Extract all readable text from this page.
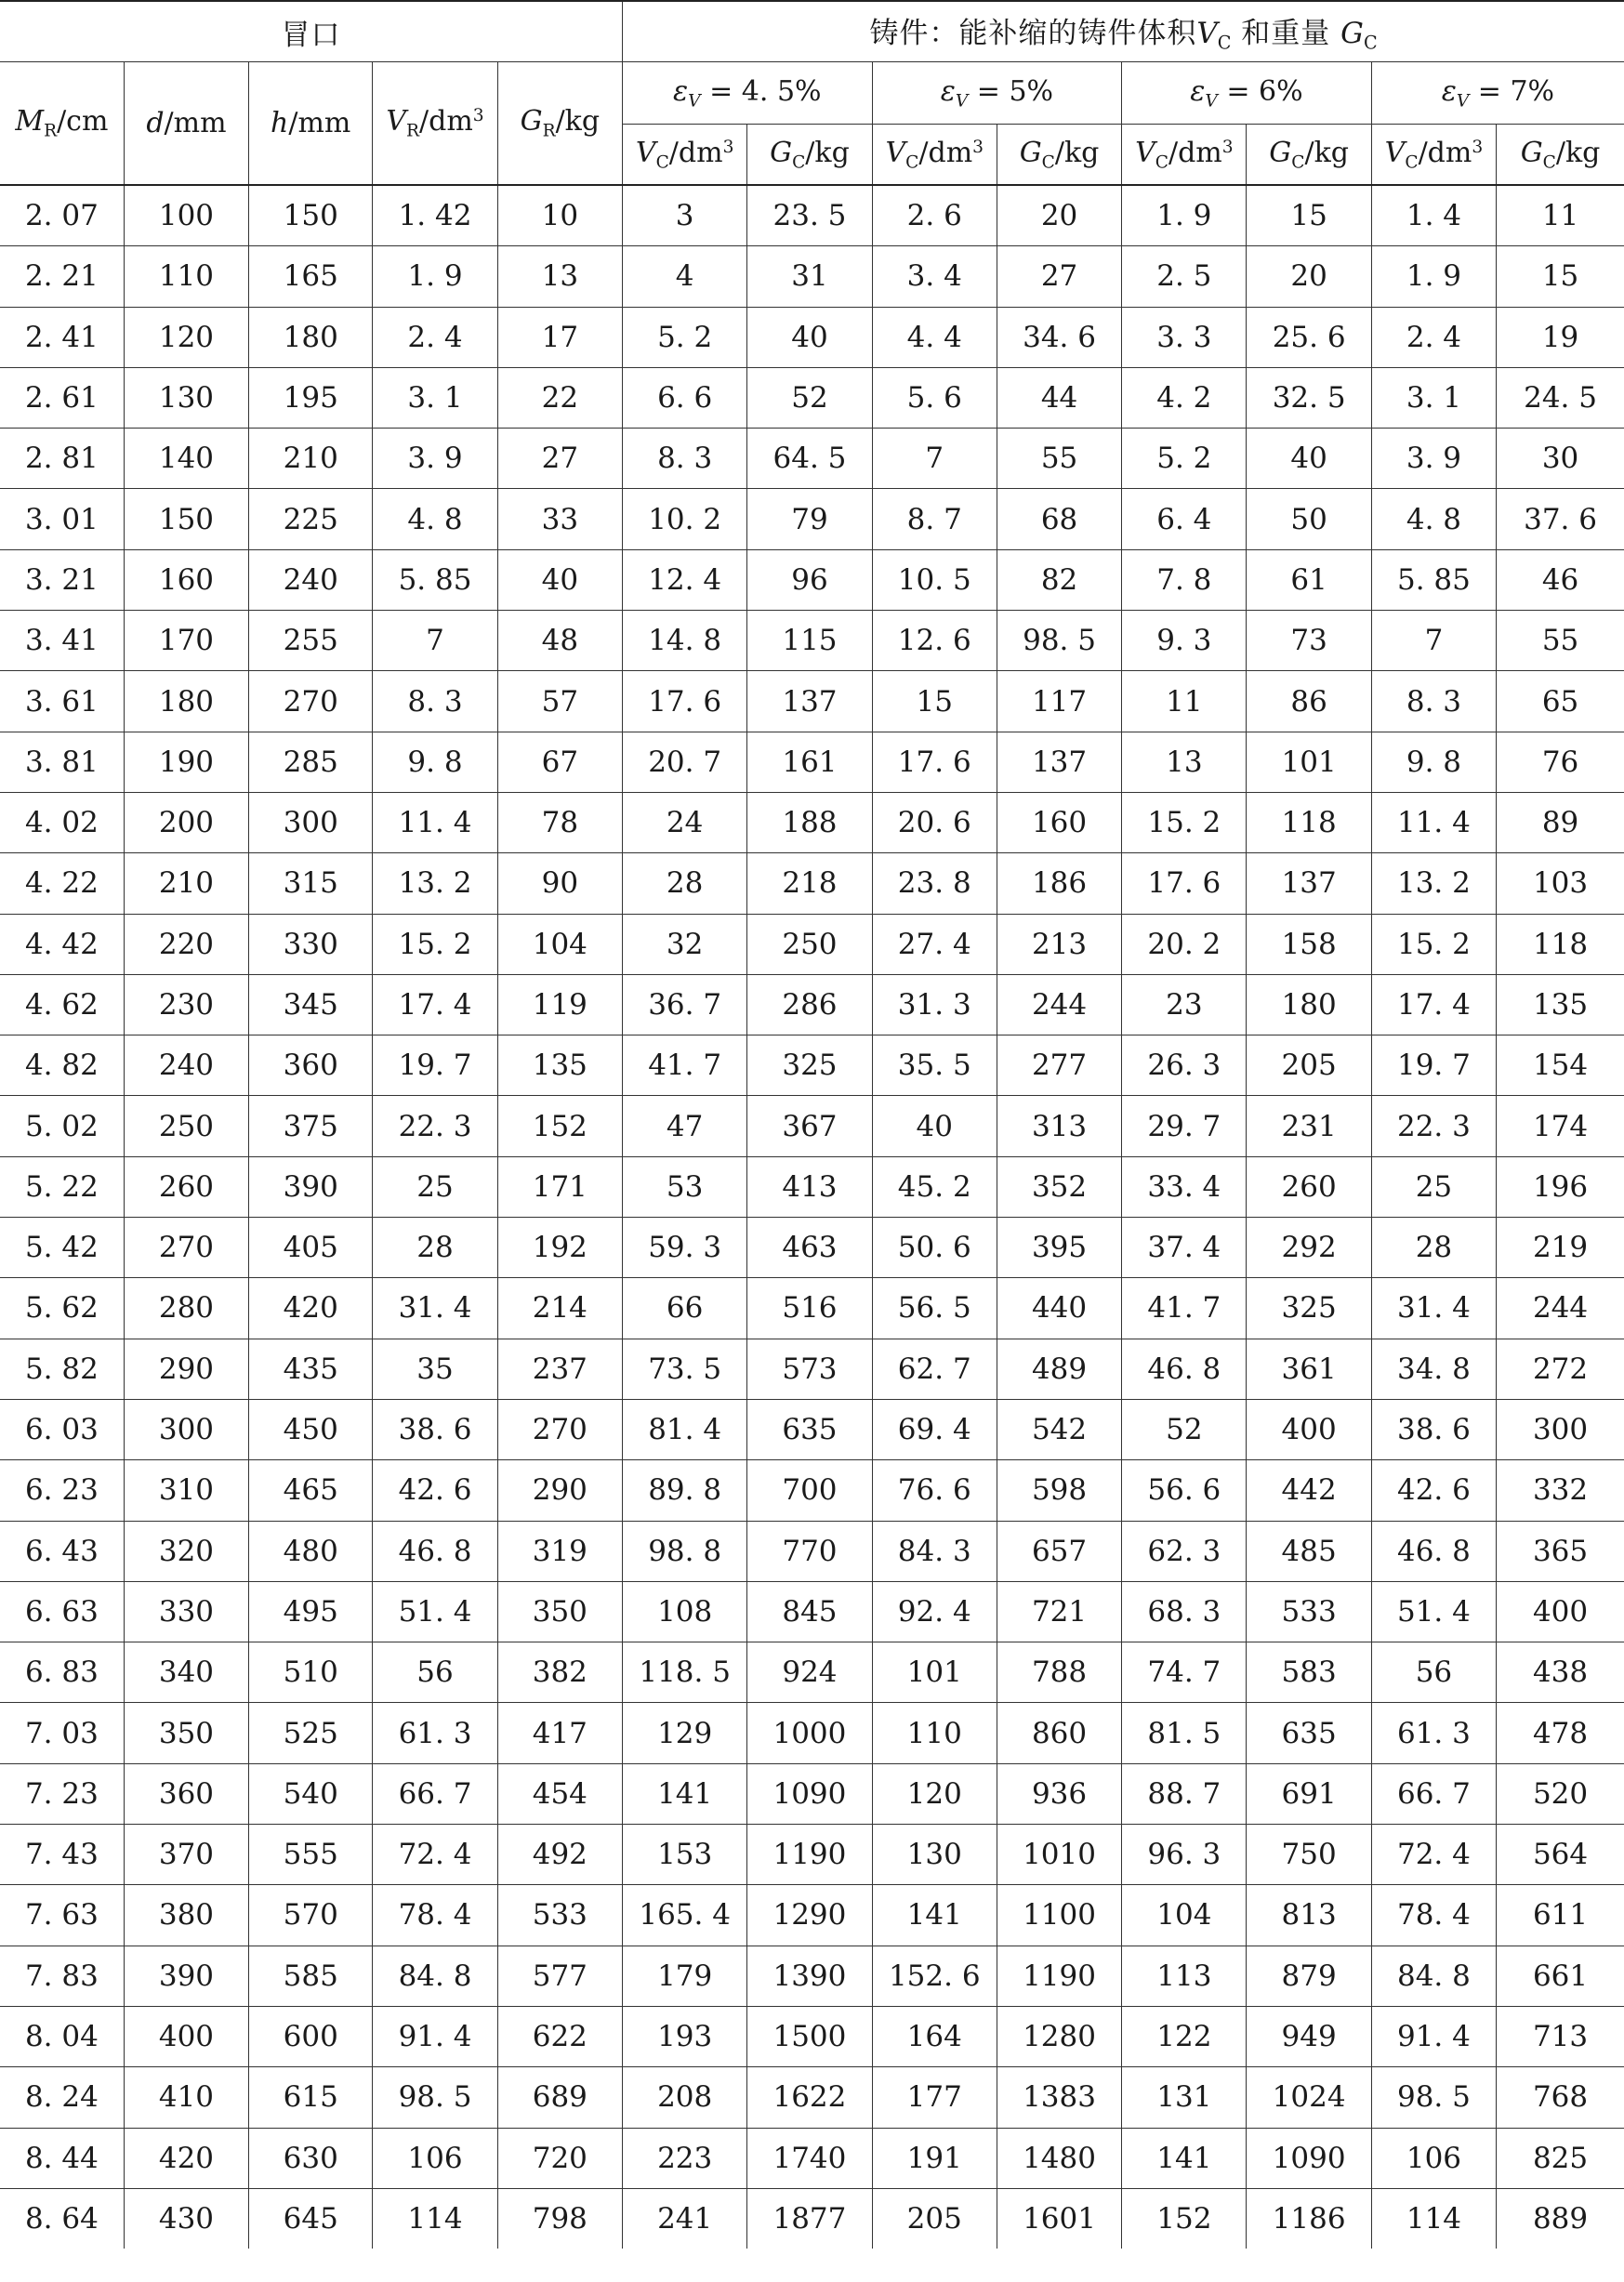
冒口					铸件：能补缩的铸件体积$V_C$ 和重量 $G_C$
$M_R/cm$	d/mm	h/mm	$V_R/dm^3$	$G_R/kg$	$\varepsilon_V = 4$. 5%		$\varepsilon_V = 5\%$		$\varepsilon_V = 6\%$		$\varepsilon_V = 7\%$	
					$V_C/dm^3$	$G_C/kg$	$V_C/dm^3$	$G_C/kg$	$V_C/dm^3$	$G_C/kg$	$V_C/dm^3$	$G_C/kg$
2. 07	100	150	1. 42	10	3	23. 5	2. 6	20	1. 9	15	1. 4	11
2. 21	110	165	1. 9	13	4	31	3. 4	27	2. 5	20	1. 9	15
2. 41	120	180	2. 4	17	5. 2	40	4. 4	34. 6	3. 3	25. 6	2. 4	19
2. 61	130	195	3. 1	22	6. 6	52	5. 6	44	4. 2	32. 5	3. 1	24. 5
2. 81	140	210	3. 9	27	8. 3	64. 5	7	55	5. 2	40	3. 9	30
3. 01	150	225	4. 8	33	10. 2	79	8. 7	68	6. 4	50	4. 8	37. 6
3. 21	160	240	5. 85	40	12. 4	96	10. 5	82	7. 8	61	5. 85	46
3. 41	170	255	7	48	14. 8	115	12. 6	98. 5	9. 3	73	7	55
3. 61	180	270	8. 3	57	17. 6	137	15	117	11	86	8. 3	65
3. 81	190	285	9. 8	67	20. 7	161	17. 6	137	13	101	9. 8	76
4. 02	200	300	11. 4	78	24	188	20. 6	160	15. 2	118	11. 4	89
4. 22	210	315	13. 2	90	28	218	23. 8	186	17. 6	137	13. 2	103
4. 42	220	330	15. 2	104	32	250	27. 4	213	20. 2	158	15. 2	118
4. 62	230	345	17. 4	119	36. 7	286	31. 3	244	23	180	17. 4	135
4. 82	240	360	19. 7	135	41. 7	325	35. 5	277	26. 3	205	19. 7	154
5. 02	250	375	22. 3	152	47	367	40	313	29. 7	231	22. 3	174
5. 22	260	390	25	171	53	413	45. 2	352	33. 4	260	25	196
5. 42	270	405	28	192	59. 3	463	50. 6	395	37. 4	292	28	219
5. 62	280	420	31. 4	214	66	516	56. 5	440	41. 7	325	31. 4	244
5. 82	290	435	35	237	73. 5	573	62. 7	489	46. 8	361	34. 8	272
6. 03	300	450	38. 6	270	81. 4	635	69. 4	542	52	400	38. 6	300
6. 23	310	465	42. 6	290	89. 8	700	76. 6	598	56. 6	442	42. 6	332
6. 43	320	480	46. 8	319	98. 8	770	84. 3	657	62. 3	485	46. 8	365
6. 63	330	495	51. 4	350	108	845	92. 4	721	68. 3	533	51. 4	400
6. 83	340	510	56	382	118. 5	924	101	788	74. 7	583	56	438
7. 03	350	525	61. 3	417	129	1000	110	860	81. 5	635	61. 3	478
7. 23	360	540	66. 7	454	141	1090	120	936	88. 7	691	66. 7	520
7. 43	370	555	72. 4	492	153	1190	130	1010	96. 3	750	72. 4	564
7. 63	380	570	78. 4	533	165. 4	1290	141	1100	104	813	78. 4	611
7. 83	390	585	84. 8	577	179	1390	152. 6	1190	113	879	84. 8	661
8. 04	400	600	91. 4	622	193	1500	164	1280	122	949	91. 4	713
8. 24	410	615	98. 5	689	208	1622	177	1383	131	1024	98. 5	768
8. 44	420	630	106	720	223	1740	191	1480	141	1090	106	825
8. 64	430	645	114	798	241	1877	205	1601	152	1186	114	889
